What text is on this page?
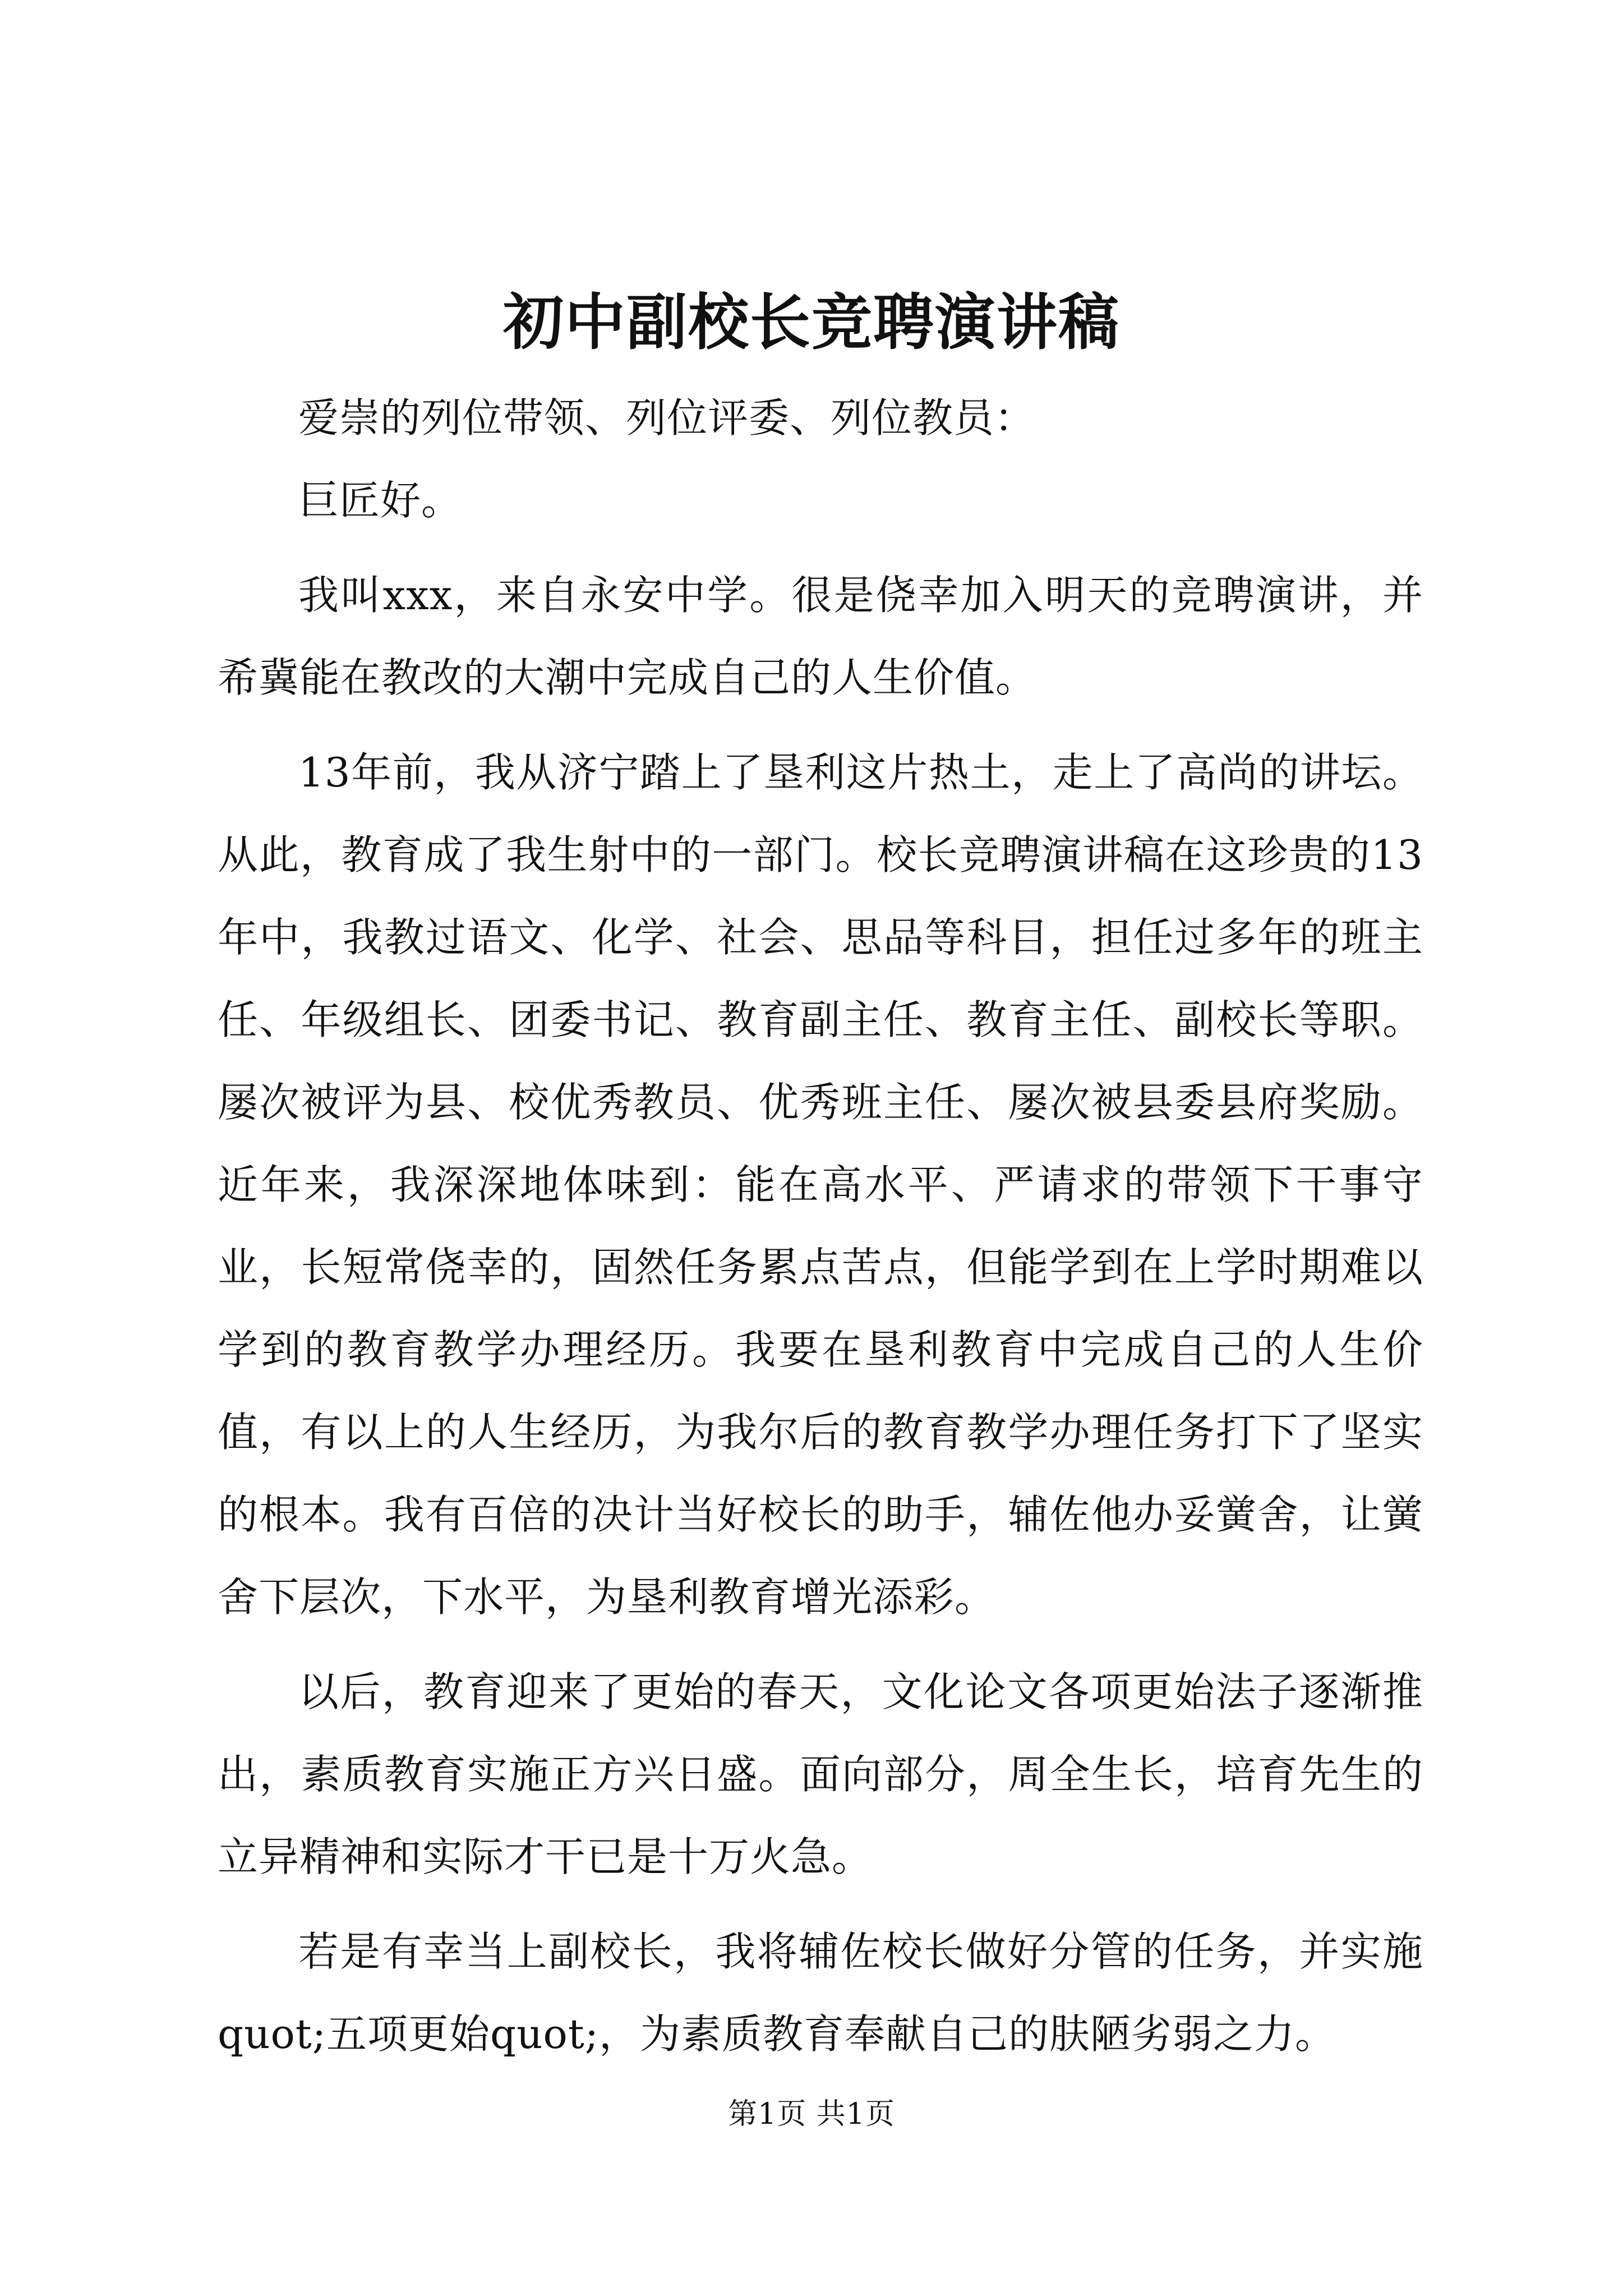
初中副校长竞聘演讲稿

爱崇的列位带领、列位评委、列位教员：

巨匠好。

我叫xxx，来自永安中学。很是侥幸加入明天的竞聘演讲，并希冀能在教改的大潮中完成自己的人生价值。

13年前，我从济宁踏上了垦利这片热土，走上了高尚的讲坛。从此，教育成了我生射中的一部门。校长竞聘演讲稿在这珍贵的13年中，我教过语文、化学、社会、思品等科目，担任过多年的班主任、年级组长、团委书记、教育副主任、教育主任、副校长等职。屡次被评为县、校优秀教员、优秀班主任、屡次被县委县府奖励。近年来，我深深地体味到：能在高水平、严请求的带领下干事守业，长短常侥幸的，固然任务累点苦点，但能学到在上学时期难以学到的教育教学办理经历。我要在垦利教育中完成自己的人生价值，有以上的人生经历，为我尔后的教育教学办理任务打下了坚实的根本。我有百倍的决计当好校长的助手，辅佐他办妥黉舍，让黉舍下层次，下水平，为垦利教育增光添彩。

以后，教育迎来了更始的春天，文化论文各项更始法子逐渐推出，素质教育实施正方兴日盛。面向部分，周全生长，培育先生的立异精神和实际才干已是十万火急。

若是有幸当上副校长，我将辅佐校长做好分管的任务，并实施quot;五项更始quot;，为素质教育奉献自己的肤陋劣弱之力。

第1页 共1页
